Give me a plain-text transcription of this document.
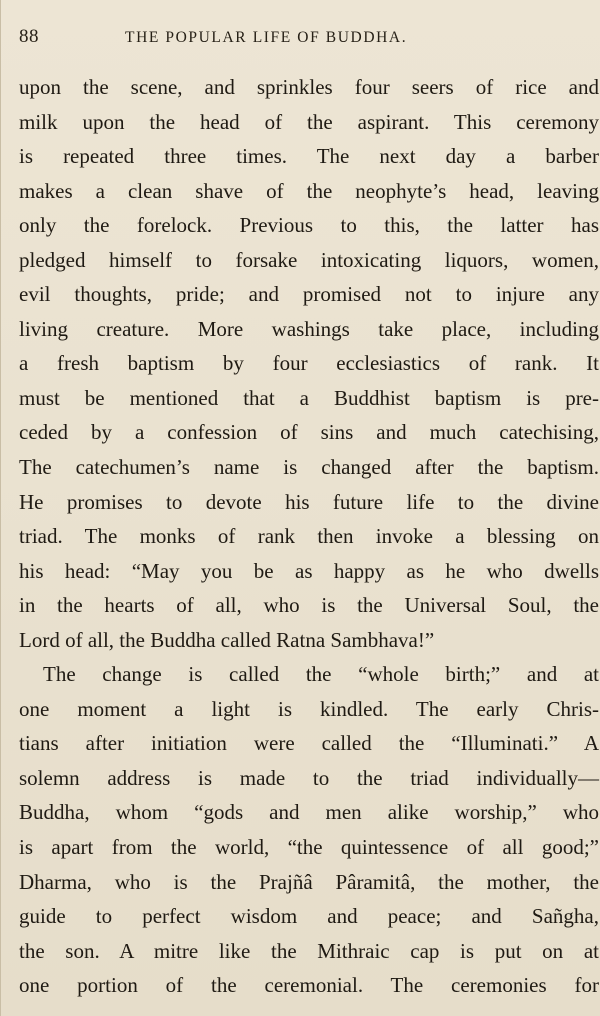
88	THE POPULAR LIFE OF BUDDHA.
upon the scene, and sprinkles four seers of rice and
milk upon the head of the aspirant. This ceremony
is repeated three times. The next day a barber
makes a clean shave of the neophyte’s head, leaving
only the forelock. Previous to this, the latter has
pledged himself to forsake intoxicating liquors, women,
evil thoughts, pride; and promised not to injure any
living creature. More washings take place, including
a fresh baptism by four ecclesiastics of rank. It
must be mentioned that a Buddhist baptism is pre-
ceded by a confession of sins and much catechising,
The catechumen’s name is changed after the baptism.
He promises to devote his future life to the divine
triad. The monks of rank then invoke a blessing on
his head: “May you be as happy as he who dwells
in the hearts of all, who is the Universal Soul, the
Lord of all, the Buddha called Ratna Sambhava!”
The change is called the “whole birth;” and at
one moment a light is kindled. The early Chris-
tians after initiation were called the “Illuminati.” A
solemn address is made to the triad individually—
Buddha, whom “gods and men alike worship,” who
is apart from the world, “the quintessence of all good;”
Dharma, who is the Prajñâ Pâramitâ, the mother, the
guide to perfect wisdom and peace; and Sañgha,
the son. A mitre like the Mithraic cap is put on at
one portion of the ceremonial. The ceremonies for
